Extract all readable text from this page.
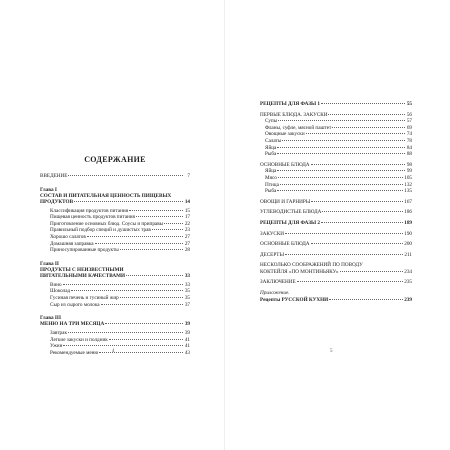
СОДЕРЖАНИЕ
ВВЕДЕНИЕ	7
Глава I
СОСТАВ И ПИТАТЕЛЬНАЯ ЦЕННОСТЬ ПИЩЕВЫХ
ПРОДУКТОВ	14
Классификация продуктов питания	15
Пищевая ценность продуктов питания	17
Приготовление основных блюд. Соусы и приправы	22
Правильный подбор специй и душистых трав	23
Хорошо салатов	27
Домашняя заправка	27
Приносупированные продукты	28
Глава II
ПРОДУКТЫ С НЕИЗВЕСТНЫМИ
ПИТАТЕЛЬНЫМИ КАЧЕСТВАМИ	33
Вино	33
Шоколад	35
Гусиная печень и гусиный жир	35
Сыр из сырого молока	37
Глава III
МЕНЮ НА ТРИ МЕСЯЦА	39
Завтрак	39
Легкие закуски и полдник	41
Ужин	41
Рекомендуемые меню	43
4
РЕЦЕПТЫ ДЛЯ ФАЗЫ 1	55
ПЕРВЫЕ БЛЮДА. ЗАКУСКИ	56
Супы	57
Фланы, суфле, мясной паштет	69
Овощные закуски	74
Салаты	78
Яйца	84
Рыба	88
ОСНОВНЫЕ БЛЮДА	98
Яйца	99
Мясо	105
Птица	132
Рыба	135
ОВОЩИ И ГАРНИРЫ	167
УГЛЕВОДИСТЫЕ БЛЮДА	186
РЕЦЕПТЫ ДЛЯ ФАЗЫ 2	189
ЗАКУСКИ	190
ОСНОВНЫЕ БЛЮДА	200
ДЕСЕРТЫ	211
НЕСКОЛЬКО СООБРАЖЕНИЙ ПО ПОВОДУ
КОКТЕЙЛЯ «ПО МОНТИНЬЯКУ»	234
ЗАКЛЮЧЕНИЕ	235
Приложение.
Рецепты РУССКОЙ КУХНИ	239
5
